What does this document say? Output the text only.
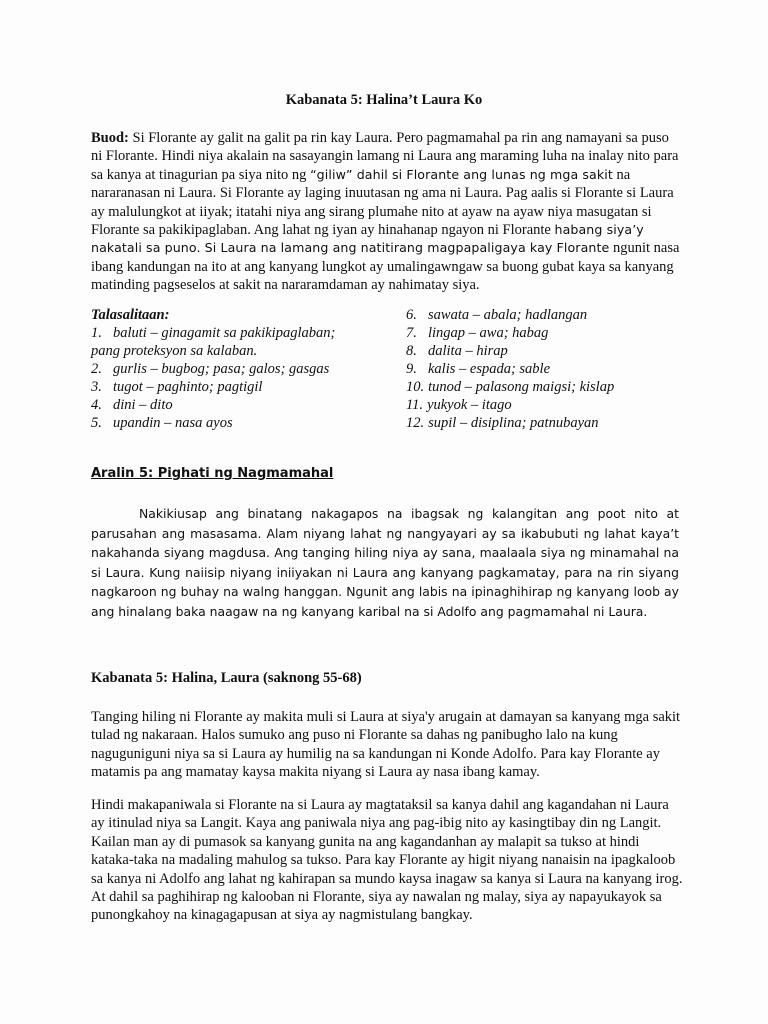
Kabanata 5: Halina’t Laura Ko

Buod: Si Florante ay galit na galit pa rin kay Laura. Pero pagmamahal pa rin ang namayani sa puso ni Florante. Hindi niya akalain na sasayangin lamang ni Laura ang maraming luha na inalay nito para sa kanya at tinagurian pa siya nito ng “giliw” dahil si Florante ang lunas ng mga sakit na nararanasan ni Laura. Si Florante ay laging inuutasan ng ama ni Laura. Pag aalis si Florante si Laura ay malulungkot at iiyak; itatahi niya ang sirang plumahe nito at ayaw na ayaw niya masugatan si Florante sa pakikipaglaban. Ang lahat ng iyan ay hinahanap ngayon ni Florante habang siya’y nakatali sa puno. Si Laura na lamang ang natitirang magpapaligaya kay Florante ngunit nasa ibang kandungan na ito at ang kanyang lungkot ay umalingawngaw sa buong gubat kaya sa kanyang matinding pagseselos at sakit na nararamdaman ay nahimatay siya.

Talasalitaan:
1. baluti – ginagamit sa pakikipaglaban;
pang proteksyon sa kalaban.
2. gurlis – bugbog; pasa; galos; gasgas
3. tugot – paghinto; pagtigil
4. dini – dito
5. upandin – nasa ayos
6. sawata – abala; hadlangan
7. lingap – awa; habag
8. dalita – hirap
9. kalis – espada; sable
10. tunod – palasong maigsi; kislap
11. yukyok – itago
12. supil – disiplina; patnubayan
Aralin 5: Pighati ng Nagmamahal

Nakikiusap ang binatang nakagapos na ibagsak ng kalangitan ang poot nito at parusahan ang masasama. Alam niyang lahat ng nangyayari ay sa ikabubuti ng lahat kaya’t nakahanda siyang magdusa. Ang tanging hiling niya ay sana, maalaala siya ng minamahal na si Laura. Kung naiisip niyang iniiyakan ni Laura ang kanyang pagkamatay, para na rin siyang nagkaroon ng buhay na walng hanggan. Ngunit ang labis na ipinaghihirap ng kanyang loob ay ang hinalang baka naagaw na ng kanyang karibal na si Adolfo ang pagmamahal ni Laura.

Kabanata 5: Halina, Laura (saknong 55-68)

Tanging hiling ni Florante ay makita muli si Laura at siya'y arugain at damayan sa kanyang mga sakit tulad ng nakaraan. Halos sumuko ang puso ni Florante sa dahas ng panibugho lalo na kung naguguniguni niya sa si Laura ay humilig na sa kandungan ni Konde Adolfo. Para kay Florante ay matamis pa ang mamatay kaysa makita niyang si Laura ay nasa ibang kamay.

Hindi makapaniwala si Florante na si Laura ay magtataksil sa kanya dahil ang kagandahan ni Laura ay itinulad niya sa Langit. Kaya ang paniwala niya ang pag-ibig nito ay kasingtibay din ng Langit. Kailan man ay di pumasok sa kanyang gunita na ang kagandanhan ay malapit sa tukso at hindi kataka-taka na madaling mahulog sa tukso. Para kay Florante ay higit niyang nanaisin na ipagkaloob sa kanya ni Adolfo ang lahat ng kahirapan sa mundo kaysa inagaw sa kanya si Laura na kanyang irog. At dahil sa paghihirap ng kalooban ni Florante, siya ay nawalan ng malay, siya ay napayukayok sa punongkahoy na kinagagapusan at siya ay nagmistulang bangkay.
